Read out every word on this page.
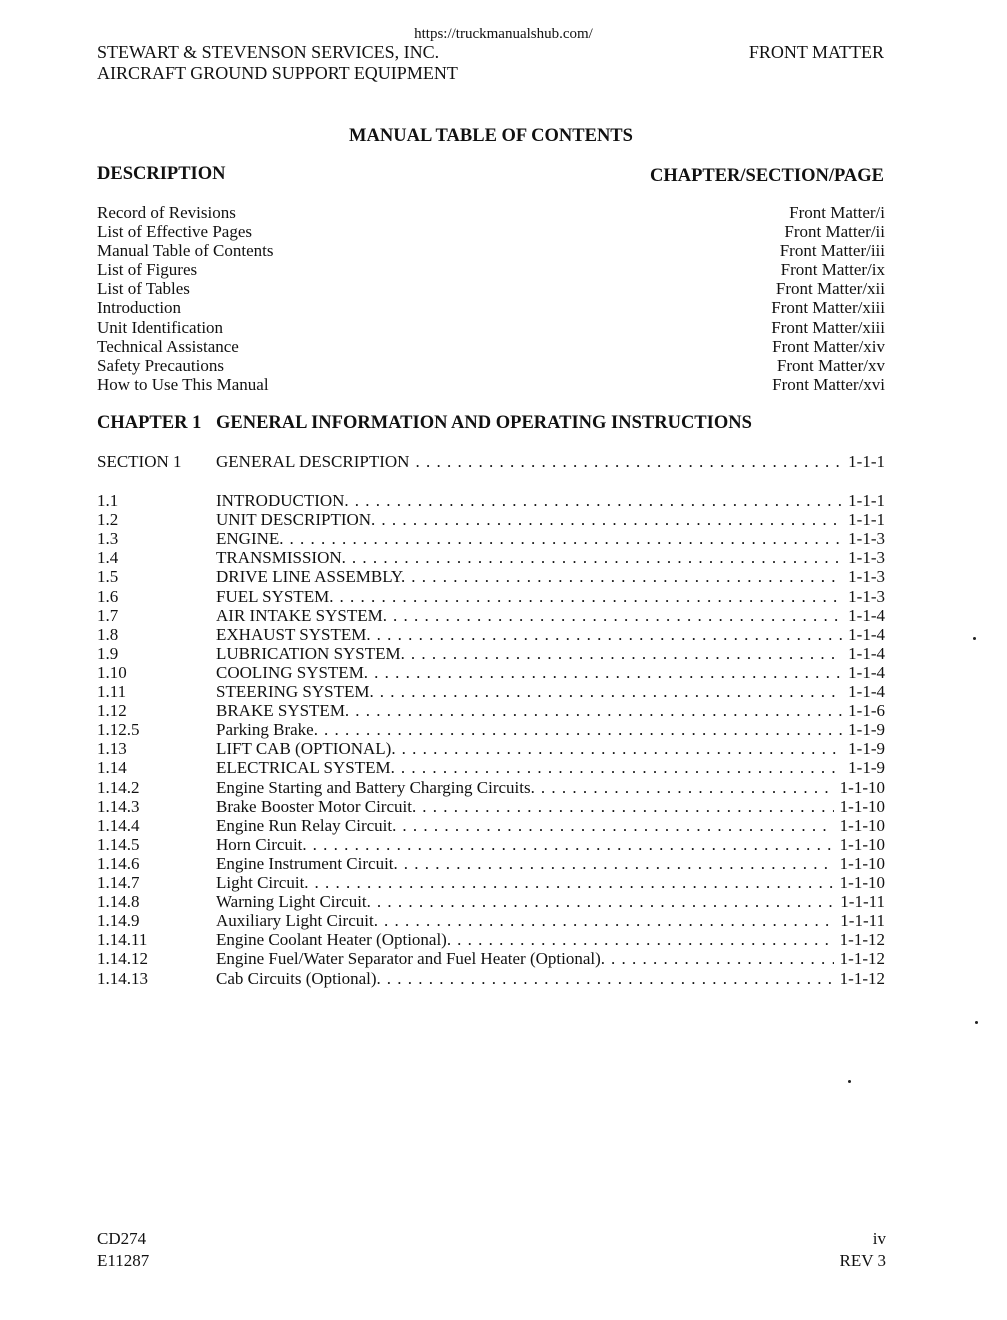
https://truckmanualshub.com/
STEWART & STEVENSON SERVICES, INC.
AIRCRAFT GROUND SUPPORT EQUIPMENT
FRONT MATTER
MANUAL TABLE OF CONTENTS
DESCRIPTION	CHAPTER/SECTION/PAGE
Record of Revisions	Front Matter/i
List of Effective Pages	Front Matter/ii
Manual Table of Contents	Front Matter/iii
List of Figures	Front Matter/ix
List of Tables	Front Matter/xii
Introduction	Front Matter/xiii
Unit Identification	Front Matter/xiii
Technical Assistance	Front Matter/xiv
Safety Precautions	Front Matter/xv
How to Use This Manual	Front Matter/xvi
CHAPTER 1 GENERAL INFORMATION AND OPERATING INSTRUCTIONS
SECTION 1	GENERAL DESCRIPTION . . .	1-1-1
1.1	INTRODUCTION. . . .	1-1-1
1.2	UNIT DESCRIPTION. . . .	1-1-1
1.3	ENGINE. . . .	1-1-3
1.4	TRANSMISSION. . . .	1-1-3
1.5	DRIVE LINE ASSEMBLY. . . .	1-1-3
1.6	FUEL SYSTEM. . . .	1-1-3
1.7	AIR INTAKE SYSTEM. . . .	1-1-4
1.8	EXHAUST SYSTEM. . . .	1-1-4
1.9	LUBRICATION SYSTEM. . . .	1-1-4
1.10	COOLING SYSTEM. . . .	1-1-4
1.11	STEERING SYSTEM. . . .	1-1-4
1.12	BRAKE SYSTEM. . . .	1-1-6
1.12.5	Parking Brake. . . .	1-1-9
1.13	LIFT CAB (OPTIONAL). . . .	1-1-9
1.14	ELECTRICAL SYSTEM. . . .	1-1-9
1.14.2	Engine Starting and Battery Charging Circuits. . . .	1-1-10
1.14.3	Brake Booster Motor Circuit. . . .	1-1-10
1.14.4	Engine Run Relay Circuit. . . .	1-1-10
1.14.5	Horn Circuit. . . .	1-1-10
1.14.6	Engine Instrument Circuit. . . .	1-1-10
1.14.7	Light Circuit. . . .	1-1-10
1.14.8	Warning Light Circuit. . . .	1-1-11
1.14.9	Auxiliary Light Circuit. . . .	1-1-11
1.14.11	Engine Coolant Heater (Optional). . . .	1-1-12
1.14.12	Engine Fuel/Water Separator and Fuel Heater (Optional). . . .	1-1-12
1.14.13	Cab Circuits (Optional). . . .	1-1-12
CD274
E11287
iv
REV 3
